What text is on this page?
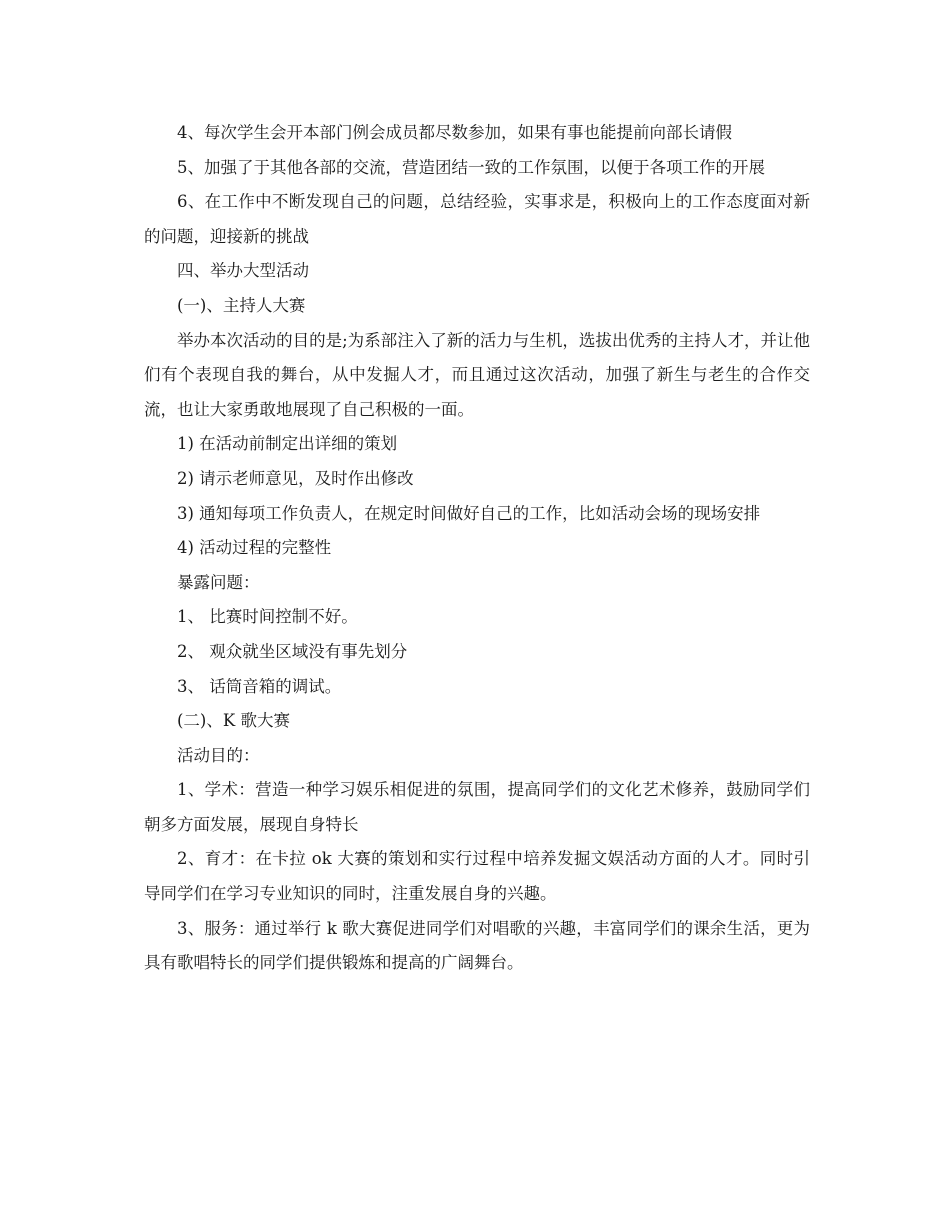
4、每次学生会开本部门例会成员都尽数参加，如果有事也能提前向部长请假

5、加强了于其他各部的交流，营造团结一致的工作氛围，以便于各项工作的开展

6、在工作中不断发现自己的问题，总结经验，实事求是，积极向上的工作态度面对新的问题，迎接新的挑战

四、举办大型活动

(一)、主持人大赛

举办本次活动的目的是;为系部注入了新的活力与生机，选拔出优秀的主持人才，并让他们有个表现自我的舞台，从中发掘人才，而且通过这次活动，加强了新生与老生的合作交流，也让大家勇敢地展现了自己积极的一面。

1) 在活动前制定出详细的策划

2) 请示老师意见，及时作出修改

3) 通知每项工作负责人，在规定时间做好自己的工作，比如活动会场的现场安排

4) 活动过程的完整性

暴露问题：

1、 比赛时间控制不好。

2、 观众就坐区域没有事先划分

3、 话筒音箱的调试。

(二)、K 歌大赛

活动目的：

1、学术：营造一种学习娱乐相促进的氛围，提高同学们的文化艺术修养，鼓励同学们朝多方面发展，展现自身特长

2、育才：在卡拉 ok 大赛的策划和实行过程中培养发掘文娱活动方面的人才。同时引导同学们在学习专业知识的同时，注重发展自身的兴趣。

3、服务：通过举行 k 歌大赛促进同学们对唱歌的兴趣，丰富同学们的课余生活，更为具有歌唱特长的同学们提供锻炼和提高的广阔舞台。
